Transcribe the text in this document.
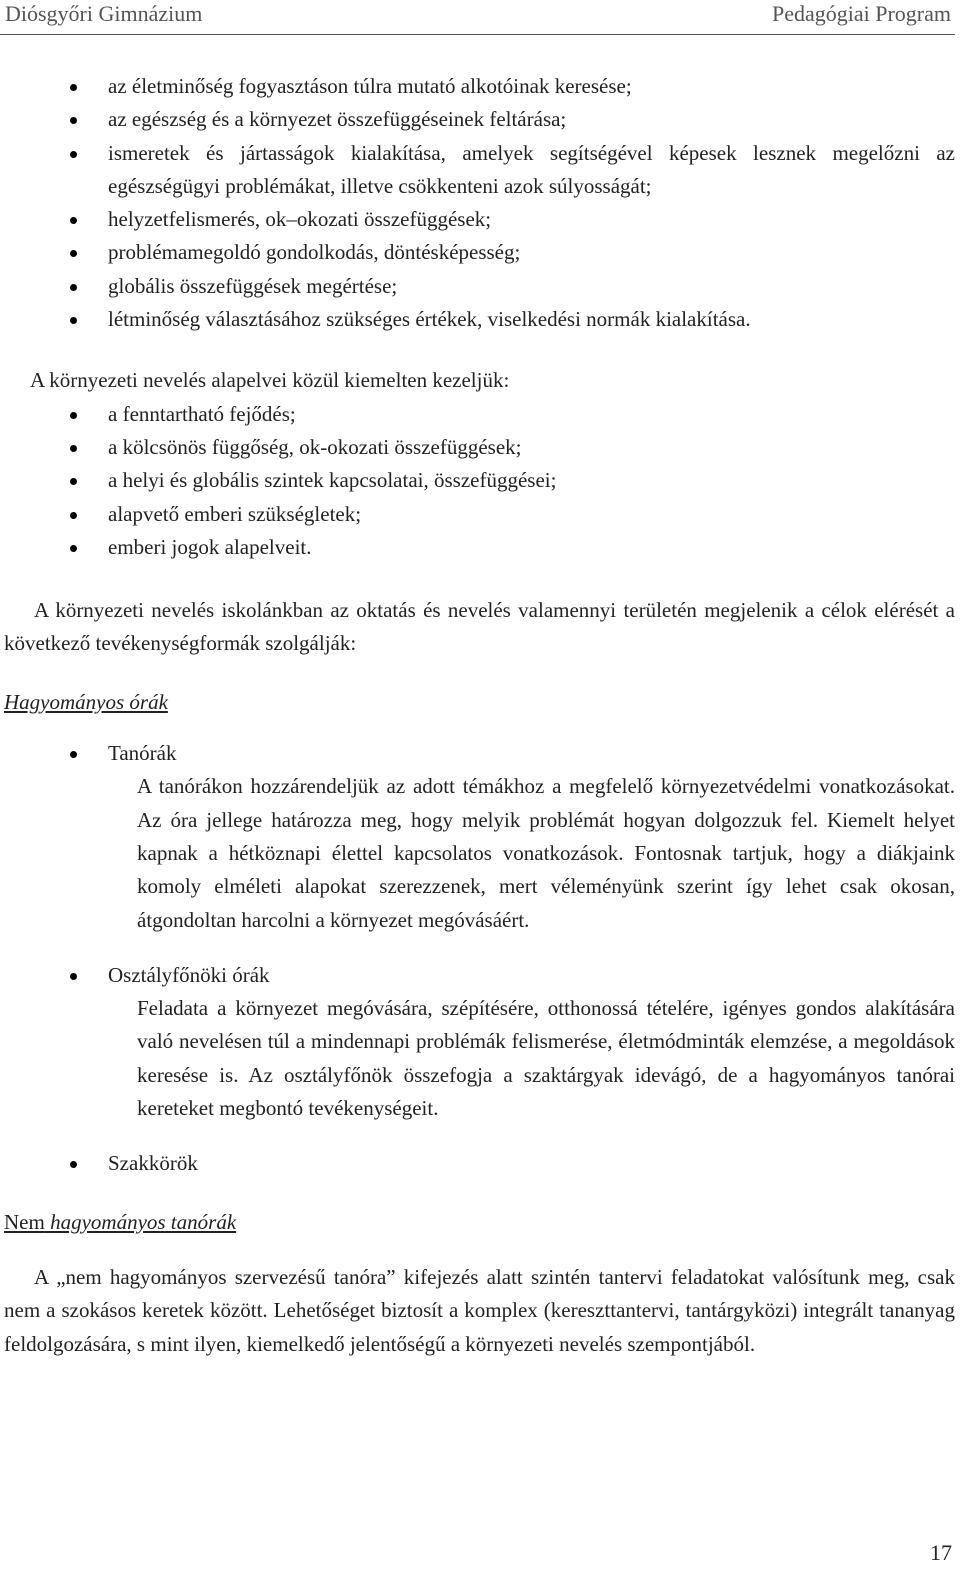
Diósgyőri Gimnázium	Pedagógiai Program
az életminőség fogyasztáson túlra mutató alkotóinak keresése;
az egészség és a környezet összefüggéseinek feltárása;
ismeretek és jártasságok kialakítása, amelyek segítségével képesek lesznek megelőzni az egészségügyi problémákat, illetve csökkenteni azok súlyosságát;
helyzetfelismerés, ok–okozati összefüggések;
problémamegoldó gondolkodás, döntésképesség;
globális összefüggések megértése;
létminőség választásához szükséges értékek, viselkedési normák kialakítása.

A környezeti nevelés alapelvei közül kiemelten kezeljük:

a fenntartható fejődés;
a kölcsönös függőség, ok-okozati összefüggések;
a helyi és globális szintek kapcsolatai, összefüggései;
alapvető emberi szükségletek;
emberi jogok alapelveit.

A környezeti nevelés iskolánkban az oktatás és nevelés valamennyi területén megjelenik a célok elérését a következő tevékenységformák szolgálják:

Hagyományos órák

Tanórák
A tanórákon hozzárendeljük az adott témákhoz a megfelelő környezetvédelmi vonatkozásokat. Az óra jellege határozza meg, hogy melyik problémát hogyan dolgozzuk fel. Kiemelt helyet kapnak a hétköznapi élettel kapcsolatos vonatkozások. Fontosnak tartjuk, hogy a diákjaink komoly elméleti alapokat szerezzenek, mert véleményünk szerint így lehet csak okosan, átgondoltan harcolni a környezet megóvásáért.
Osztályfőnöki órák
Feladata a környezet megóvására, szépítésére, otthonossá tételére, igényes gondos alakítására való nevelésen túl a mindennapi problémák felismerése, életmódminták elemzése, a megoldások keresése is. Az osztályfőnök összefogja a szaktárgyak idevágó, de a hagyományos tanórai kereteket megbontó tevékenységeit.
Szakkörök

Nem hagyományos tanórák

A „nem hagyományos szervezésű tanóra” kifejezés alatt szintén tantervi feladatokat valósítunk meg, csak nem a szokásos keretek között. Lehetőséget biztosít a komplex (kereszttantervi, tantárgyközi) integrált tananyag feldolgozására, s mint ilyen, kiemelkedő jelentőségű a környezeti nevelés szempontjából.

17
